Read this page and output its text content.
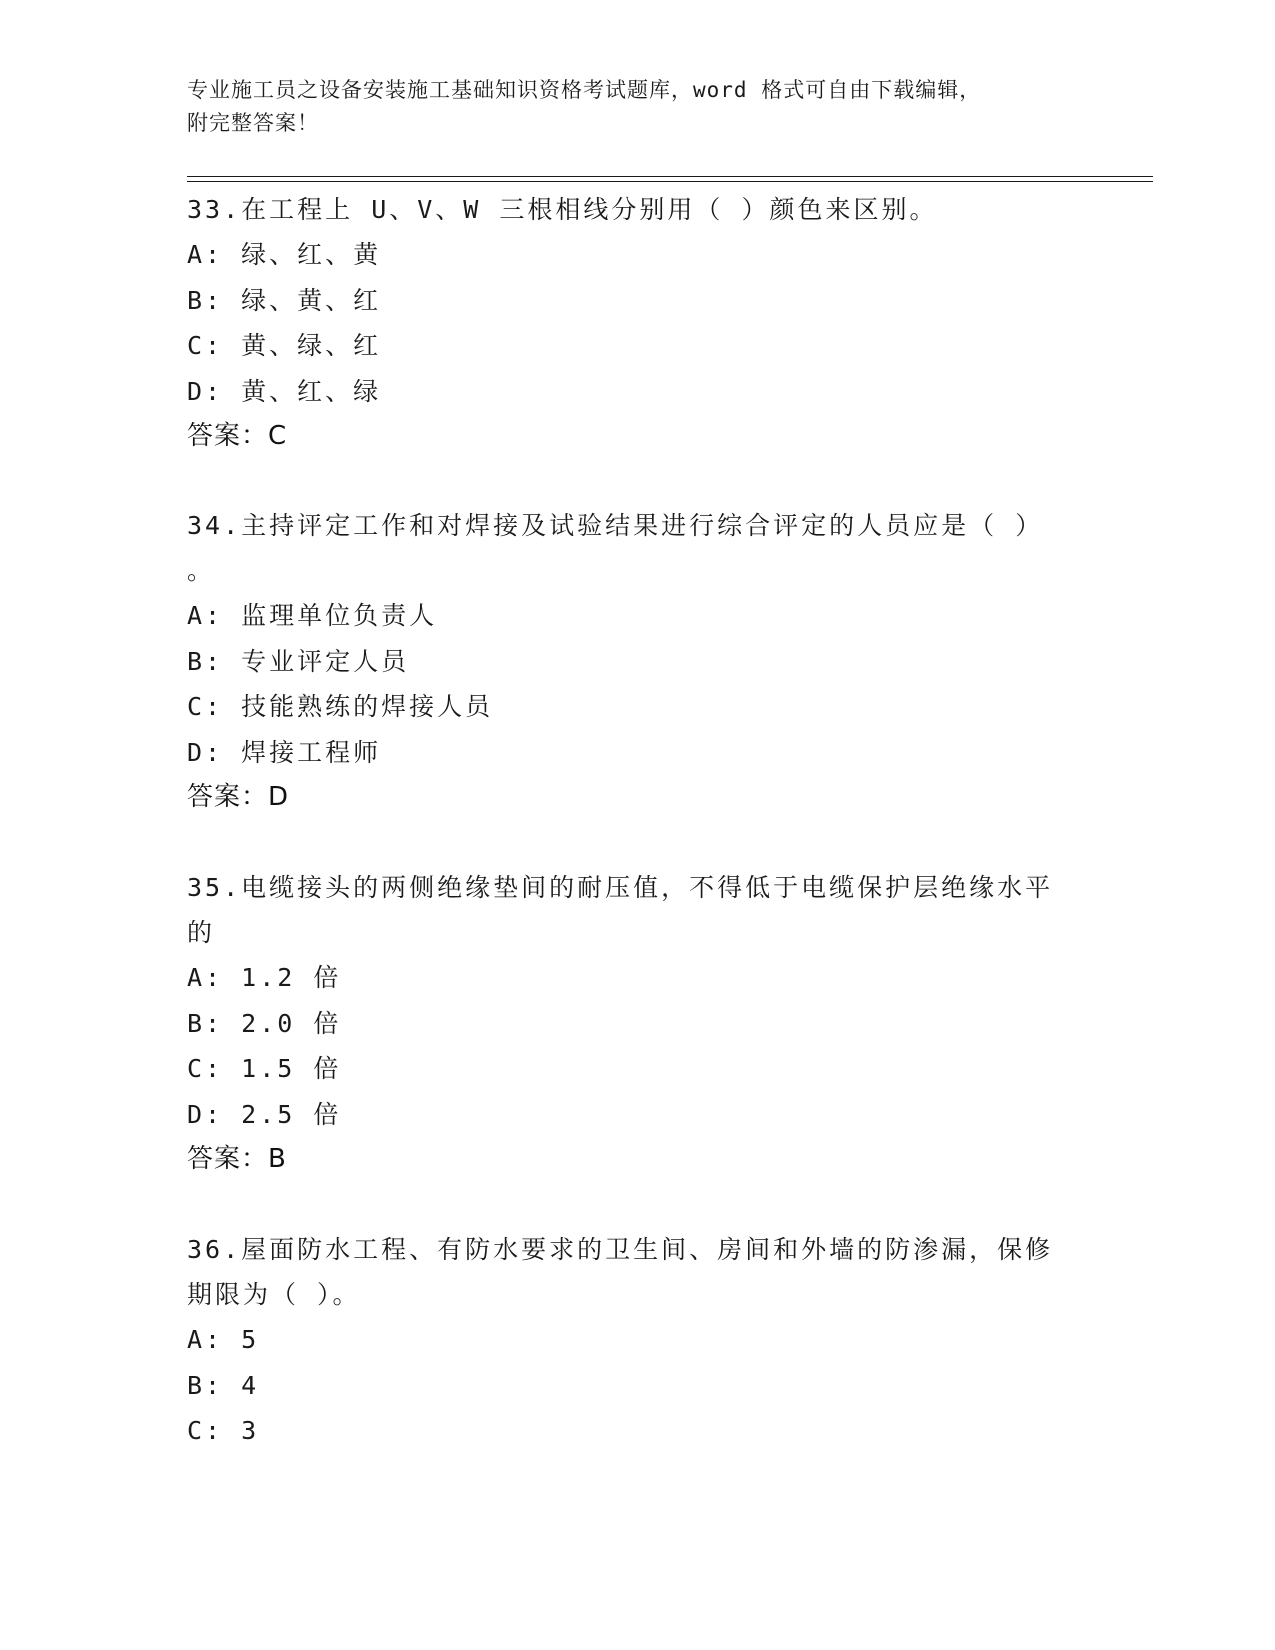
专业施工员之设备安装施工基础知识资格考试题库，word 格式可自由下载编辑，
附完整答案！

33.在工程上 U、V、W 三根相线分别用（ ）颜色来区别。

A: 绿、红、黄

B: 绿、黄、红

C: 黄、绿、红

D: 黄、红、绿

答案：C

34.主持评定工作和对焊接及试验结果进行综合评定的人员应是（ ）

。

A: 监理单位负责人

B: 专业评定人员

C: 技能熟练的焊接人员

D: 焊接工程师

答案：D

35.电缆接头的两侧绝缘垫间的耐压值，不得低于电缆保护层绝缘水平

的

A: 1.2 倍

B: 2.0 倍

C: 1.5 倍

D: 2.5 倍

答案：B

36.屋面防水工程、有防水要求的卫生间、房间和外墙的防渗漏，保修

期限为（ ）。

A: 5

B: 4

C: 3
